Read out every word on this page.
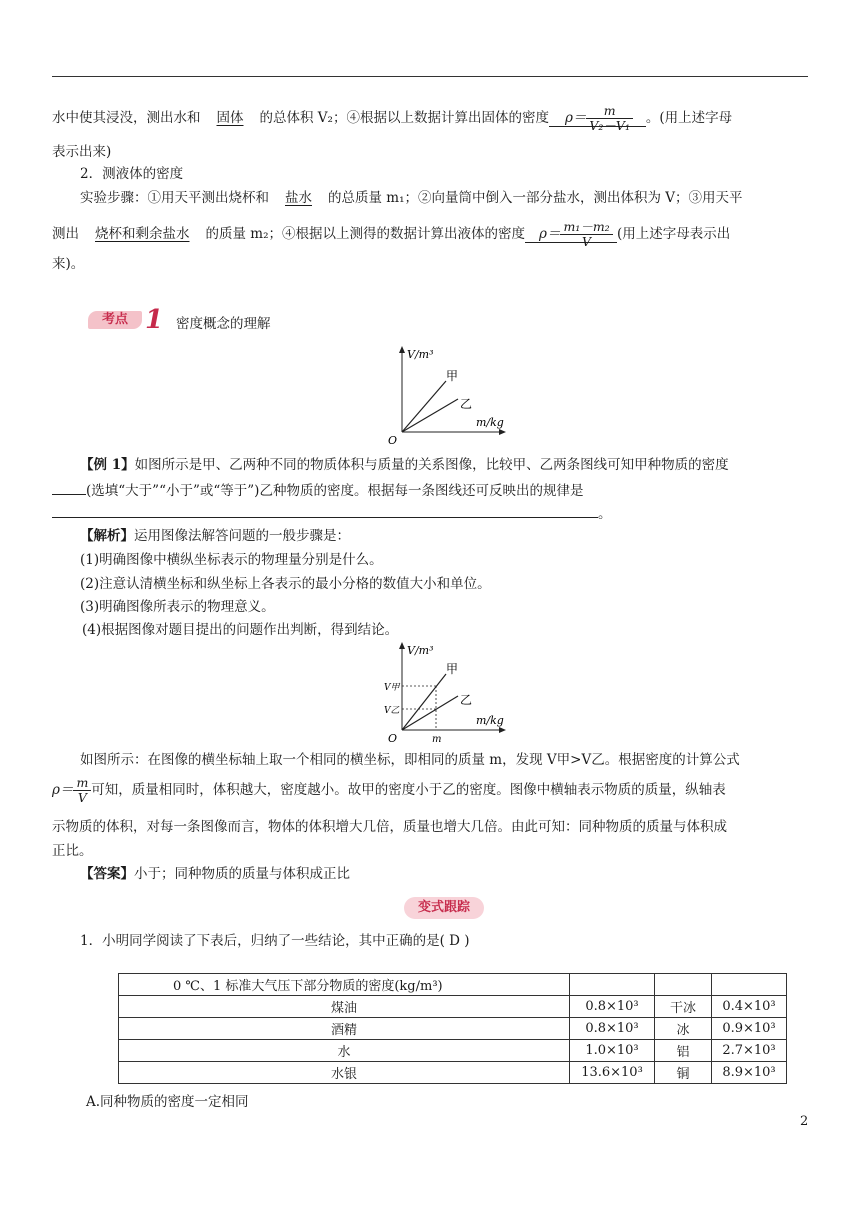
水中使其浸没，测出水和 固体 的总体积 V₂；④根据以上数据计算出固体的密度 $\rho= \frac{m}{\text{V₂－V₁}}$ 。(用上述字母
表示出来)
2．测液体的密度
实验步骤：①用天平测出烧杯和 盐水 的总质量 m₁；②向量筒中倒入一部分盐水，测出体积为 V；③用天平
测出 烧杯和剩余盐水 的质量 m₂；④根据以上测得的数据计算出液体的密度 $\rho= \frac{\text{m₁－m₂}}{V}$ (用上述字母表示出
来)。
考点 1 密度概念的理解
V/m³
m/kg
O
甲
乙
【例 1】如图所示是甲、乙两种不同的物质体积与质量的关系图像，比较甲、乙两条图线可知甲种物质的密度
(选填“大于”“小于”或“等于”)乙种物质的密度。根据每一条图线还可反映出的规律是
。
【解析】运用图像法解答问题的一般步骤是：
(1)明确图像中横纵坐标表示的物理量分别是什么。
(2)注意认清横坐标和纵坐标上各表示的最小分格的数值大小和单位。
(3)明确图像所表示的物理意义。
(4)根据图像对题目提出的问题作出判断，得到结论。
V/m³
m/kg
O
甲
乙
V甲
V乙
m
如图所示：在图像的横坐标轴上取一个相同的横坐标，即相同的质量 m，发现 V甲>V乙。根据密度的计算公式
$\rho= \frac{m}{V}$ 可知，质量相同时，体积越大，密度越小。故甲的密度小于乙的密度。图像中横轴表示物质的质量，纵轴表
示物质的体积，对每一条图像而言，物体的体积增大几倍，质量也增大几倍。由此可知：同种物质的质量与体积成
正比。
【答案】小于；同种物质的质量与体积成正比
变式跟踪
1．小明同学阅读了下表后，归纳了一些结论，其中正确的是( D )
0 ℃、1 标准大气压下部分物质的密度(kg/m³)			
煤油	0.8×10³	干冰	0.4×10³
酒精	0.8×10³	冰	0.9×10³
水	1.0×10³	铝	2.7×10³
水银	13.6×10³	铜	8.9×10³
A.同种物质的密度一定相同
2
